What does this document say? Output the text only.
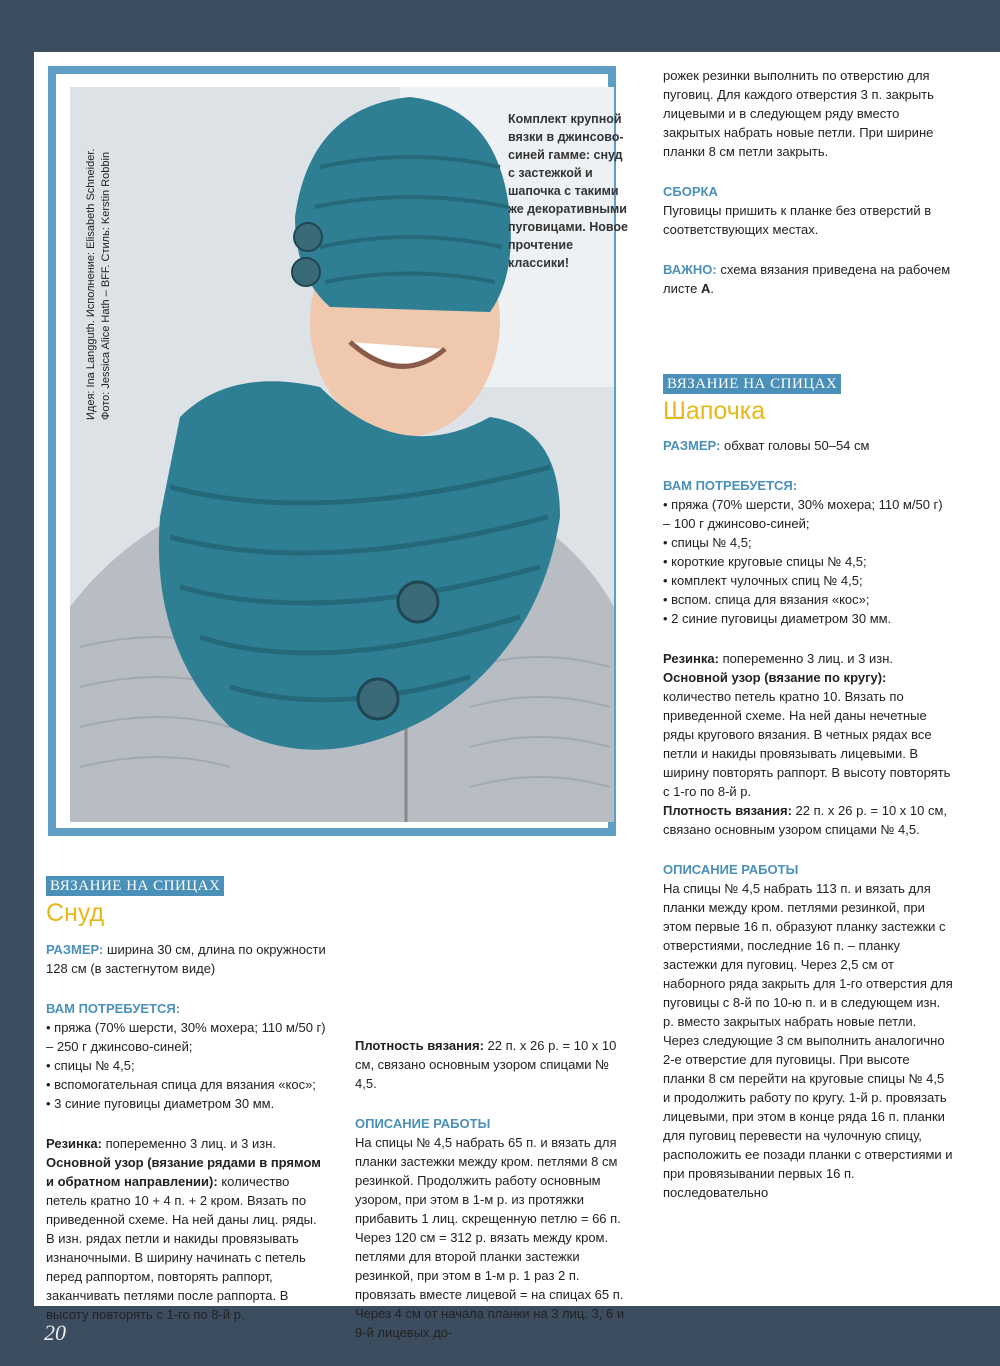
Идея: Ina Langguth. Исполнение: Elisabeth Schneider. Фото: Jessica Alice Hath – BFF. Стиль: Kerstin Robbin
Комплект крупной вязки в джинсово-синей гамме: снуд с застежкой и шапочка с такими же декоративными пуговицами. Новое прочтение классики!
ВЯЗАНИЕ НА СПИЦАХ
Снуд

РАЗМЕР: ширина 30 см, длина по окружности 128 см (в застегнутом виде)

ВАМ ПОТРЕБУЕТСЯ:

• пряжа (70% шерсти, 30% мохера; 110 м/50 г) – 250 г джинсово-синей;

• спицы № 4,5;

• вспомогательная спица для вязания «кос»;

• 3 синие пуговицы диаметром 30 мм.

Резинка: попеременно 3 лиц. и 3 изн.

Основной узор (вязание рядами в прямом и обратном направлении): количество петель кратно 10 + 4 п. + 2 кром. Вязать по приведенной схеме. На ней даны лиц. ряды. В изн. рядах петли и накиды провязывать изнаночными. В ширину начинать с петель перед раппортом, повторять раппорт, заканчивать петлями после раппорта. В высоту повторять с 1-го по 8-й р.

Плотность вязания: 22 п. х 26 р. = 10 х 10 см, связано основным узором спицами № 4,5.

ОПИСАНИЕ РАБОТЫ

На спицы № 4,5 набрать 65 п. и вязать для планки застежки между кром. петлями 8 см резинкой. Продолжить работу основным узором, при этом в 1-м р. из протяжки прибавить 1 лиц. скрещенную петлю = 66 п. Через 120 см = 312 р. вязать между кром. петлями для второй планки застежки резинкой, при этом в 1-м р. 1 раз 2 п. провязать вместе лицевой = на спицах 65 п. Через 4 см от начала планки на 3 лиц. 3, 6 и 9-й лицевых до-

рожек резинки выполнить по отверстию для пуговиц. Для каждого отверстия 3 п. закрыть лицевыми и в следующем ряду вместо закрытых набрать новые петли. При ширине планки 8 см петли закрыть.

СБОРКА

Пуговицы пришить к планке без отверстий в соответствующих местах.

ВАЖНО: схема вязания приведена на рабочем листе А.

ВЯЗАНИЕ НА СПИЦАХ
Шапочка

РАЗМЕР: обхват головы 50–54 см

ВАМ ПОТРЕБУЕТСЯ:

• пряжа (70% шерсти, 30% мохера; 110 м/50 г) – 100 г джинсово-синей;

• спицы № 4,5;

• короткие круговые спицы № 4,5;

• комплект чулочных спиц № 4,5;

• вспом. спица для вязания «кос»;

• 2 синие пуговицы диаметром 30 мм.

Резинка: попеременно 3 лиц. и 3 изн.

Основной узор (вязание по кругу): количество петель кратно 10. Вязать по приведенной схеме. На ней даны нечетные ряды кругового вязания. В четных рядах все петли и накиды провязывать лицевыми. В ширину повторять раппорт. В высоту повторять с 1-го по 8-й р.

Плотность вязания: 22 п. х 26 р. = 10 х 10 см, связано основным узором спицами № 4,5.

ОПИСАНИЕ РАБОТЫ

На спицы № 4,5 набрать 113 п. и вязать для планки между кром. петлями резинкой, при этом первые 16 п. образуют планку застежки с отверстиями, последние 16 п. – планку застежки для пуговиц. Через 2,5 см от наборного ряда закрыть для 1-го отверстия для пуговицы с 8-й по 10-ю п. и в следующем изн. р. вместо закрытых набрать новые петли. Через следующие 3 см выполнить аналогично 2-е отверстие для пуговицы. При высоте планки 8 см перейти на круговые спицы № 4,5 и продолжить работу по кругу. 1-й р. провязать лицевыми, при этом в конце ряда 16 п. планки для пуговиц перевести на чулочную спицу, расположить ее позади планки с отверстиями и при провязывании первых 16 п. последовательно

20
